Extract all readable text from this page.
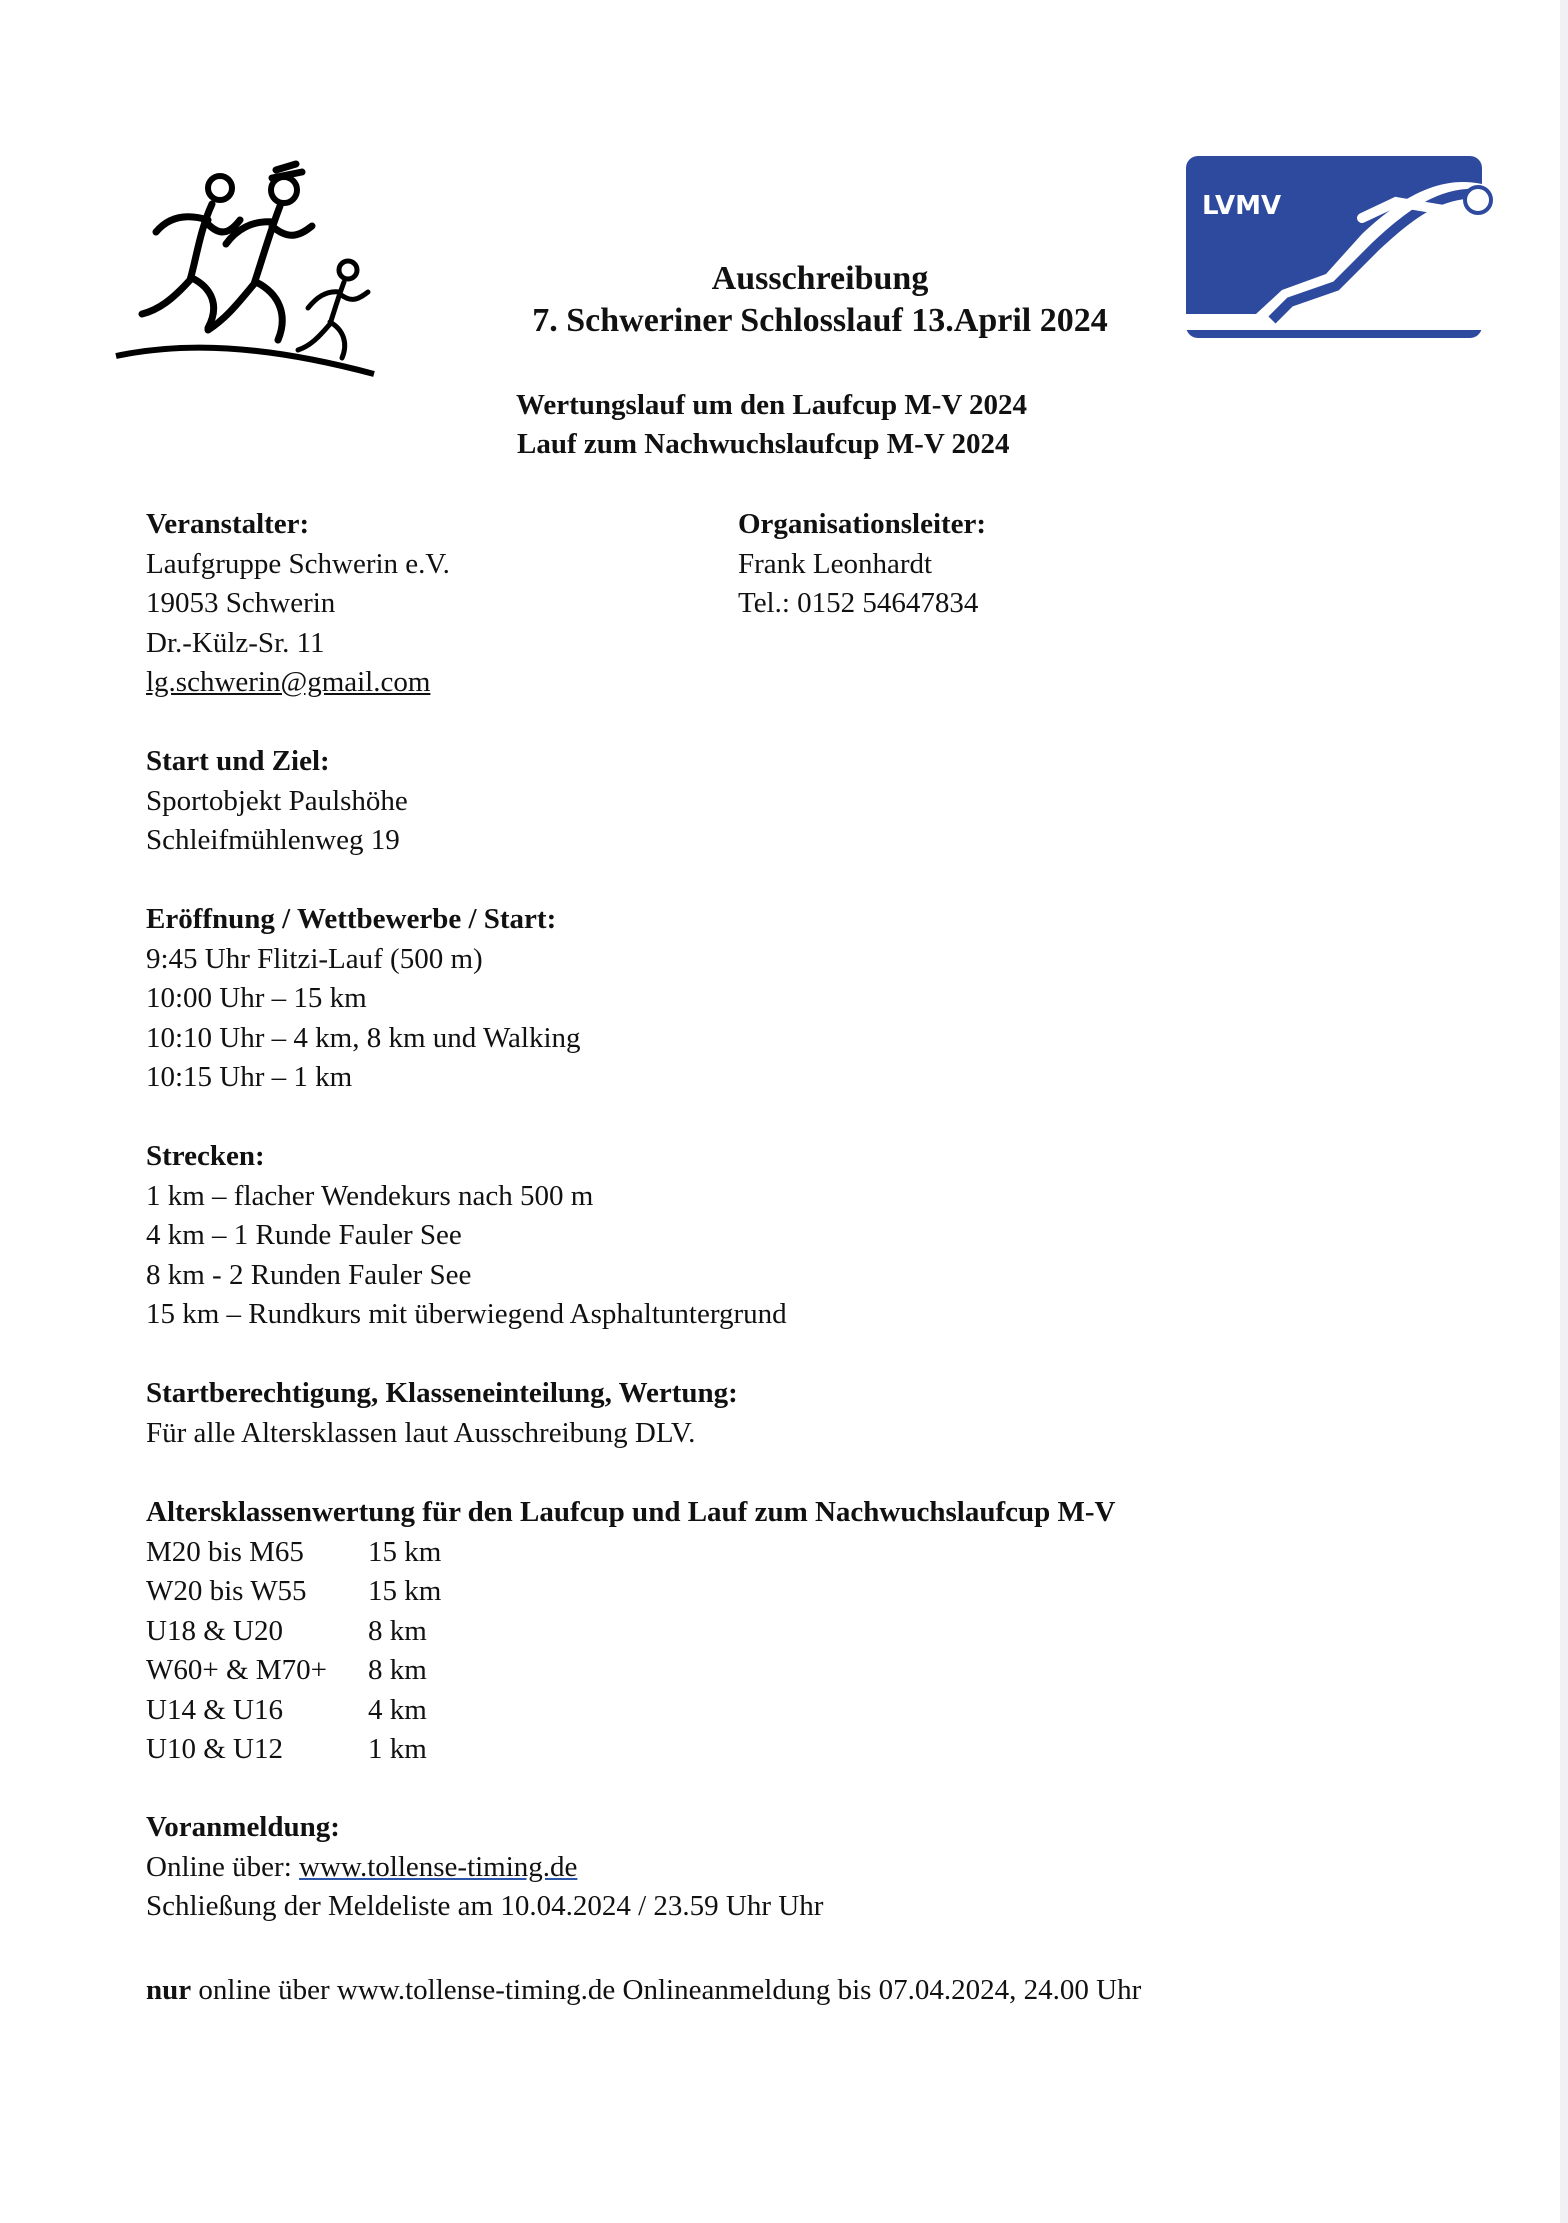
LVMV
Ausschreibung
7. Schweriner Schlosslauf 13.April 2024
Wertungslauf um den Laufcup M-V 2024
Lauf zum Nachwuchslaufcup M-V 2024
Veranstalter:
Laufgruppe Schwerin e.V.
19053 Schwerin
Dr.-Külz-Sr. 11
lg.schwerin@gmail.com
Organisationsleiter:
Frank Leonhardt
Tel.: 0152 54647834
Start und Ziel:
Sportobjekt Paulshöhe
Schleifmühlenweg 19
Eröffnung / Wettbewerbe / Start:
9:45 Uhr Flitzi-Lauf (500 m)
10:00 Uhr – 15 km
10:10 Uhr – 4 km, 8 km und Walking
10:15 Uhr – 1 km
Strecken:
1 km – flacher Wendekurs nach 500 m
4 km – 1 Runde Fauler See
8 km - 2 Runden Fauler See
15 km – Rundkurs mit überwiegend Asphaltuntergrund
Startberechtigung, Klasseneinteilung, Wertung:
Für alle Altersklassen laut Ausschreibung DLV.
Altersklassenwertung für den Laufcup und Lauf zum Nachwuchslaufcup M-V
M20 bis M65	15 km
W20 bis W55	15 km
U18 & U20	8 km
W60+ & M70+	8 km
U14 & U16	4 km
U10 & U12	1 km
Voranmeldung:
Online über: www.tollense-timing.de
Schließung der Meldeliste am 10.04.2024 / 23.59 Uhr Uhr
nur online über www.tollense-timing.de Onlineanmeldung bis 07.04.2024, 24.00 Uhr
